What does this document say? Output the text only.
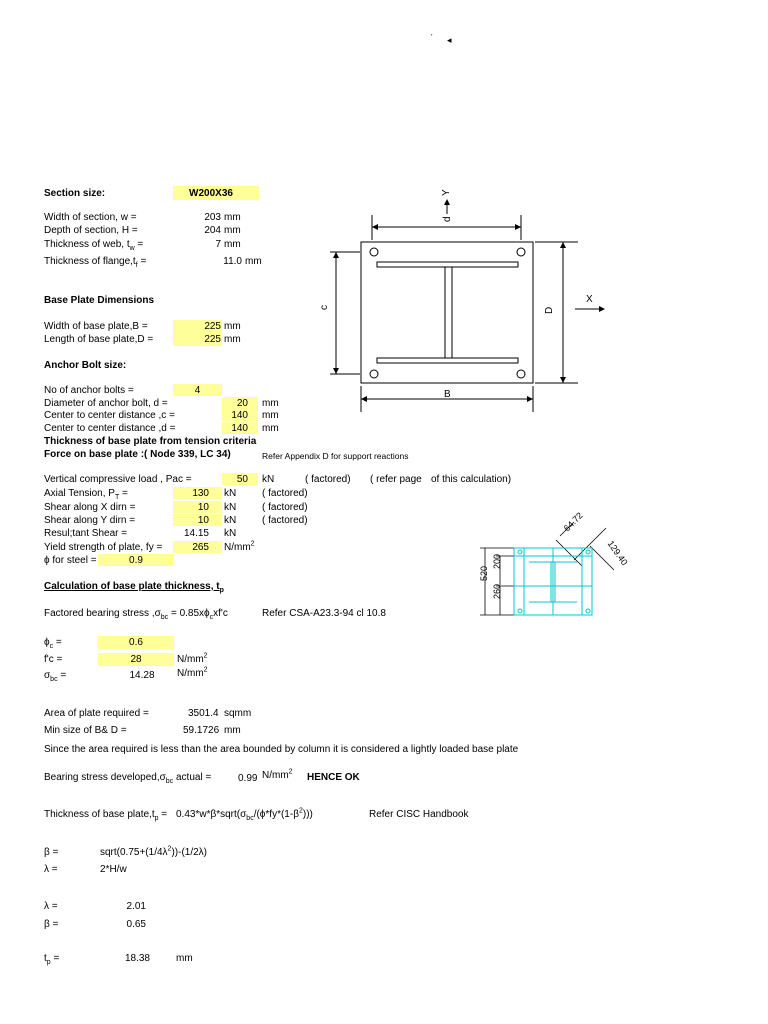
ˊ ◂
Section size:	W200X36
Width of section, w =	203 mm
Depth of section, H =	204 mm
Thickness of web, $t_w$ =	7 mm
Thickness of $flange,t_f$ =	11.0 mm
Base Plate Dimensions
Width of base plate,B =	225 mm
Length of base plate,D =	225 mm
Anchor Bolt size:
No of anchor bolts =	4
Diameter of anchor bolt, d =	20 mm
Center to center distance ,c =	140 mm
Center to center distance ,d =	140 mm
Thickness of base plate from tension criteria
Force on base plate :( Node 339, LC 34)	Refer Appendix D for support reactions
Vertical compressive load , Pac =	50 kN	( factored) ( refer page of this calculation)
Axial Tension, $P_T$ =	130 kN	( factored)
Shear along X dirn =	10 kN	( factored)
Shear along Y dirn =	10 kN	( factored)
Resul;tant Shear =	14.15 kN
Yield strength of plate, fy =	265 $N/mm^2$
ϕ for steel =	0.9
Calculation of base plate thickness, $t_p$
Factored bearing stress $,\sigma_{bc} = 0.85x\phi_cxf'c$	Refer CSA-A23.3-94 cl 10.8
$\phi_c$ =	0.6
f'c =	28	$N/mm^2$
$\sigma_{bc}$ =	14.28	$N/mm^2$
Area of plate required =	3501.4 sqmm
Min size of B& D =	59.1726 mm
Since the area required is less than the area bounded by column it is considered a lightly loaded base plate
Bearing stress $developed,\sigma_{bc}$ actual =	0.99 $N/mm^2$ HENCE OK
Thickness of base $plate,t_p$ = $0.43*w*\beta*sqrt(\sigma_{bc}/(\phi*fy*(1-\beta^2)))$	Refer CISC Handbook
β =	$sqrt(0.75+(1/4\lambda^2))-(1/2\lambda)$
λ =	2*H/w
λ =	2.01
β =	0.65
$t_p$ =	18.38	mm
Y
X
d
c	D
B
64.72
129.40
520
200
260
